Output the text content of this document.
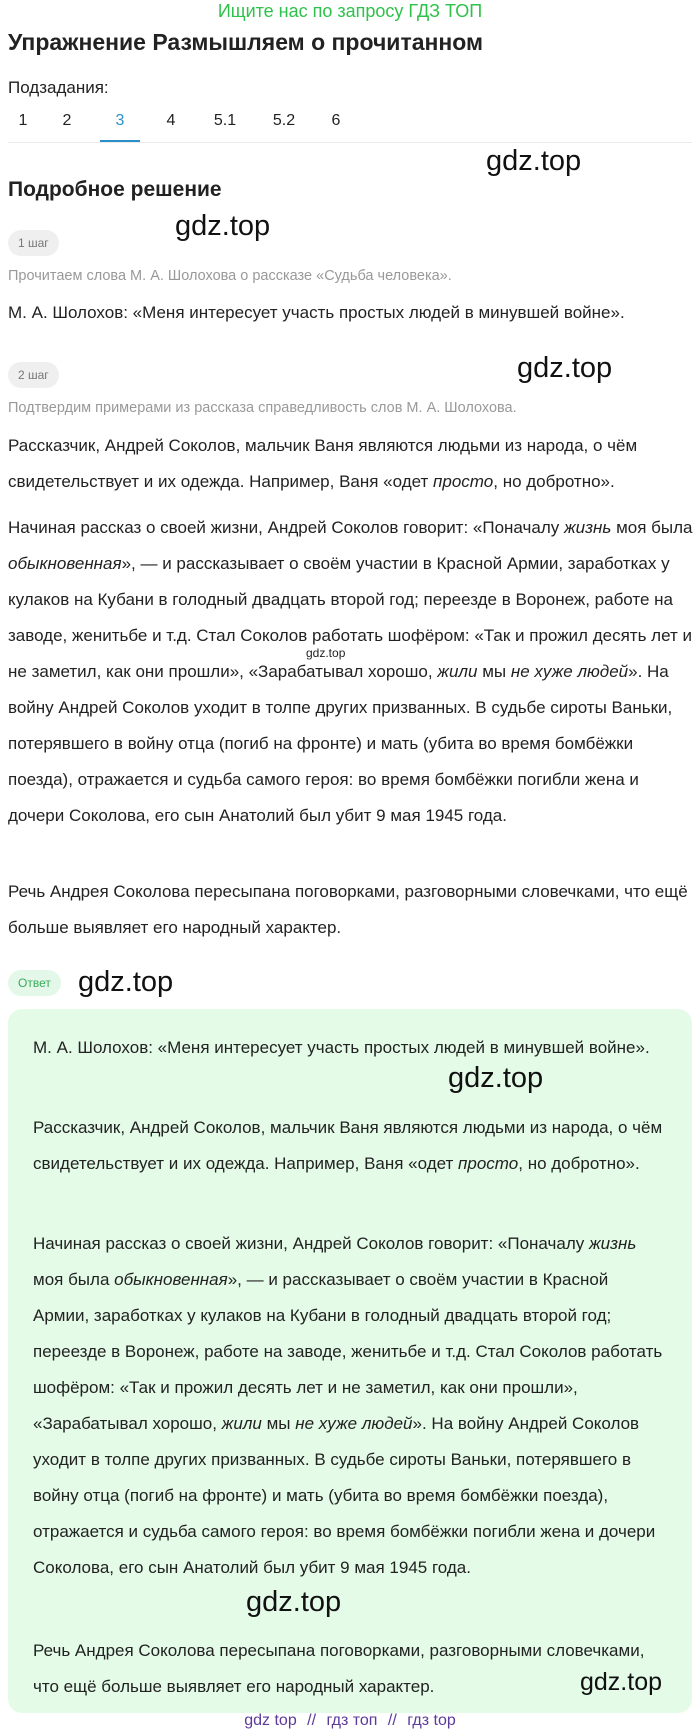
Ищите нас по запросу ГДЗ ТОП
Упражнение Размышляем о прочитанном
Подзадания:
1	2	3	4	5.1	5.2	6
Подробное решение
gdz.top
gdz.top
1 шаг
Прочитаем слова М. А. Шолохова о рассказе «Судьба человека».
М. А. Шолохов: «Меня интересует участь простых людей в минувшей войне».
gdz.top
2 шаг
Подтвердим примерами из рассказа справедливость слов М. А. Шолохова.
Рассказчик, Андрей Соколов, мальчик Ваня являются людьми из народа, о чём свидетельствует и их одежда. Например, Ваня «одет просто, но добротно».
Начиная рассказ о своей жизни, Андрей Соколов говорит: «Поначалу жизнь моя была обыкновенная», — и рассказывает о своём участии в Красной Армии, заработках у кулаков на Кубани в голодный двадцать второй год; переезде в Воронеж, работе на заводе, женитьбе и т.д. Стал Соколов работать шофёром: «Так и прожил десять лет и не заметил, как они прошли», «Зарабатывал хорошо, жили мы не хуже людей». На войну Андрей Соколов уходит в толпе других призванных. В судьбе сироты Ваньки, потерявшего в войну отца (погиб на фронте) и мать (убита во время бомбёжки поезда), отражается и судьба самого героя: во время бомбёжки погибли жена и дочери Соколова, его сын Анатолий был убит 9 мая 1945 года.
gdz.top
Речь Андрея Соколова пересыпана поговорками, разговорными словечками, что ещё больше выявляет его народный характер.
Ответ gdz.top
М. А. Шолохов: «Меня интересует участь простых людей в минувшей войне».
gdz.top
Рассказчик, Андрей Соколов, мальчик Ваня являются людьми из народа, о чём свидетельствует и их одежда. Например, Ваня «одет просто, но добротно».
Начиная рассказ о своей жизни, Андрей Соколов говорит: «Поначалу жизнь моя была обыкновенная», — и рассказывает о своём участии в Красной Армии, заработках у кулаков на Кубани в голодный двадцать второй год; переезде в Воронеж, работе на заводе, женитьбе и т.д. Стал Соколов работать шофёром: «Так и прожил десять лет и не заметил, как они прошли», «Зарабатывал хорошо, жили мы не хуже людей». На войну Андрей Соколов уходит в толпе других призванных. В судьбе сироты Ваньки, потерявшего в войну отца (погиб на фронте) и мать (убита во время бомбёжки поезда), отражается и судьба самого героя: во время бомбёжки погибли жена и дочери Соколова, его сын Анатолий был убит 9 мая 1945 года.
gdz.top
Речь Андрея Соколова пересыпана поговорками, разговорными словечками, что ещё больше выявляет его народный характер.	gdz.top
gdz top // гдз топ // гдз top
